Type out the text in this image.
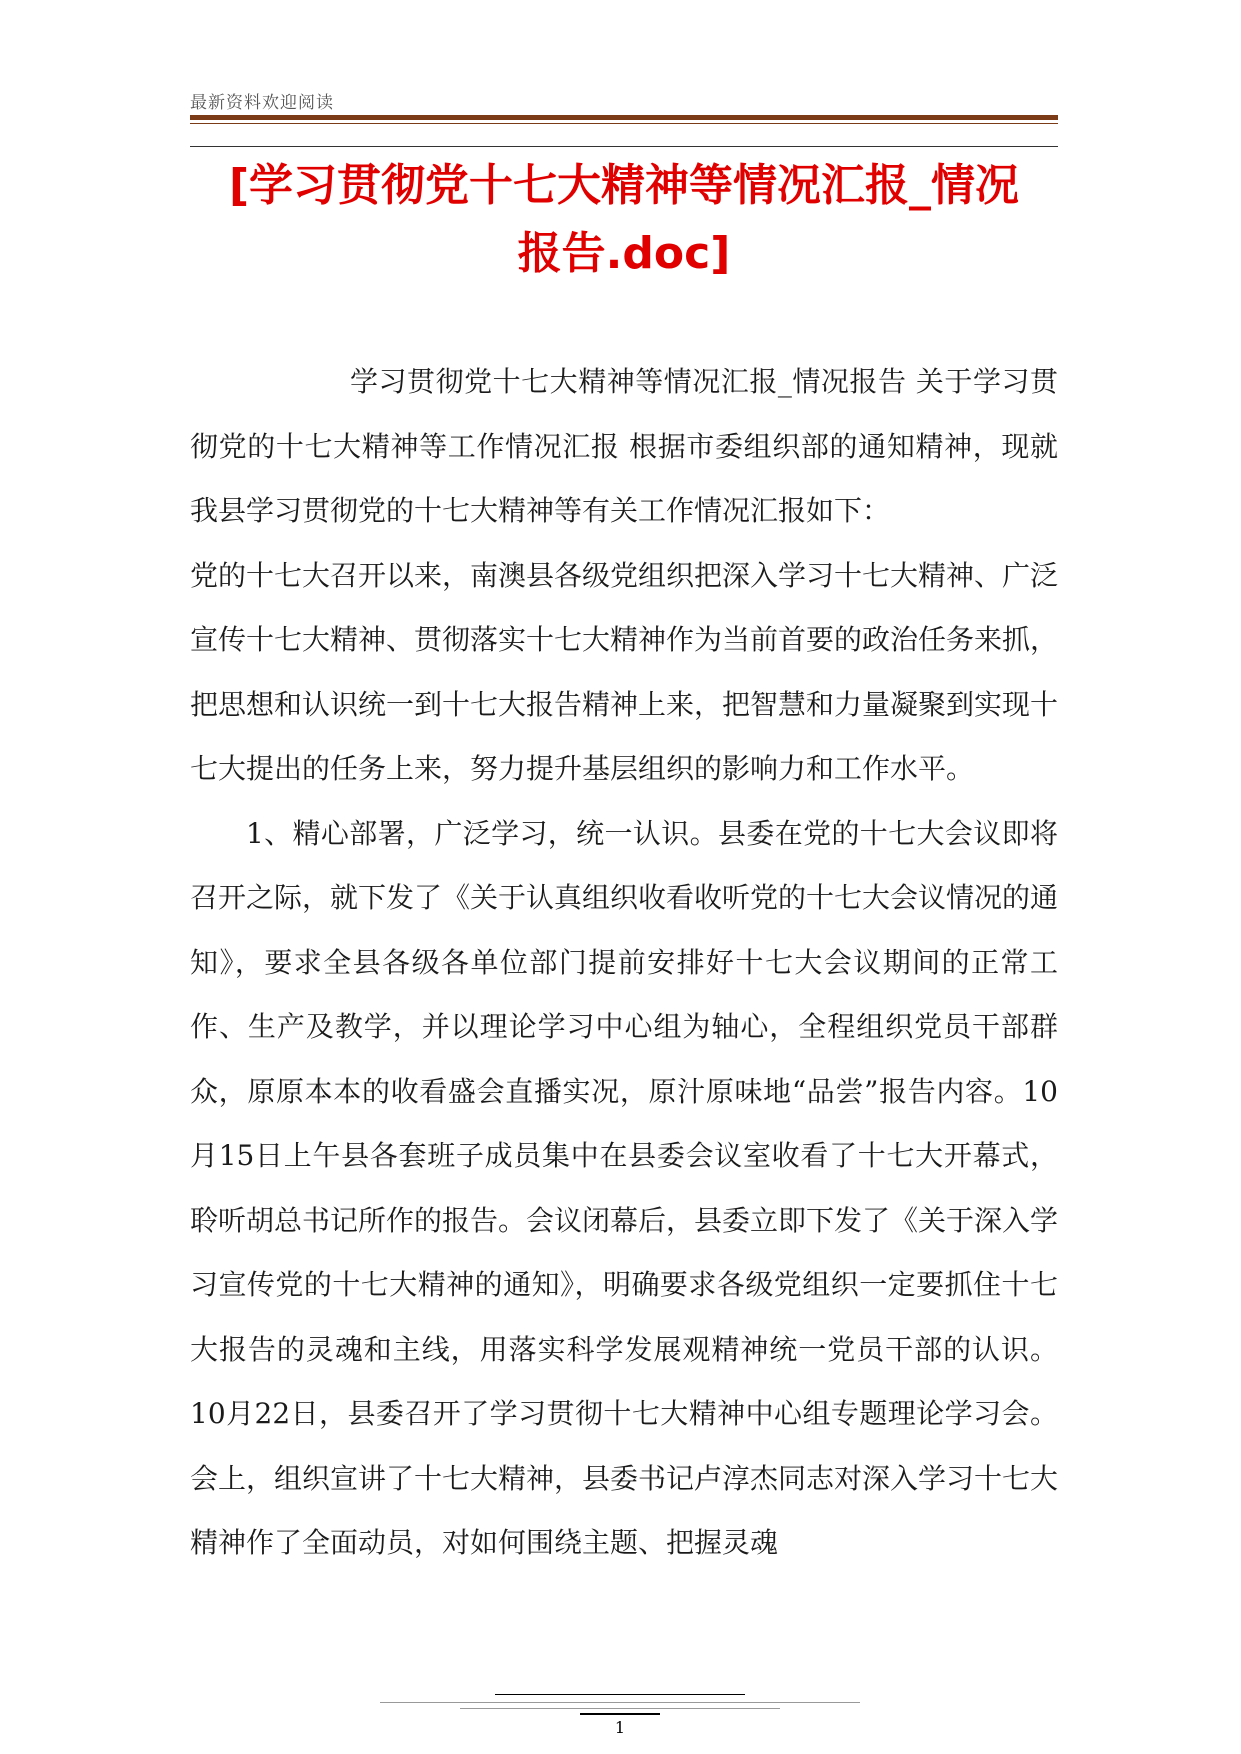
最新资料欢迎阅读
[学习贯彻党十七大精神等情况汇报_情况
报告.doc]

学习贯彻党十七大精神等情况汇报_情况报告 关于学习贯彻党的十七大精神等工作情况汇报 根据市委组织部的通知精神，现就我县学习贯彻党的十七大精神等有关工作情况汇报如下：

党的十七大召开以来，南澳县各级党组织把深入学习十七大精神、广泛宣传十七大精神、贯彻落实十七大精神作为当前首要的政治任务来抓，把思想和认识统一到十七大报告精神上来，把智慧和力量凝聚到实现十七大提出的任务上来，努力提升基层组织的影响力和工作水平。

1、精心部署，广泛学习，统一认识。县委在党的十七大会议即将召开之际，就下发了《关于认真组织收看收听党的十七大会议情况的通知》，要求全县各级各单位部门提前安排好十七大会议期间的正常工作、生产及教学，并以理论学习中心组为轴心，全程组织党员干部群众，原原本本的收看盛会直播实况，原汁原味地“品尝”报告内容。10月15日上午县各套班子成员集中在县委会议室收看了十七大开幕式，聆听胡总书记所作的报告。会议闭幕后，县委立即下发了《关于深入学习宣传党的十七大精神的通知》，明确要求各级党组织一定要抓住十七大报告的灵魂和主线，用落实科学发展观精神统一党员干部的认识。10月22日，县委召开了学习贯彻十七大精神中心组专题理论学习会。会上，组织宣讲了十七大精神，县委书记卢淳杰同志对深入学习十七大精神作了全面动员，对如何围绕主题、把握灵魂

1
